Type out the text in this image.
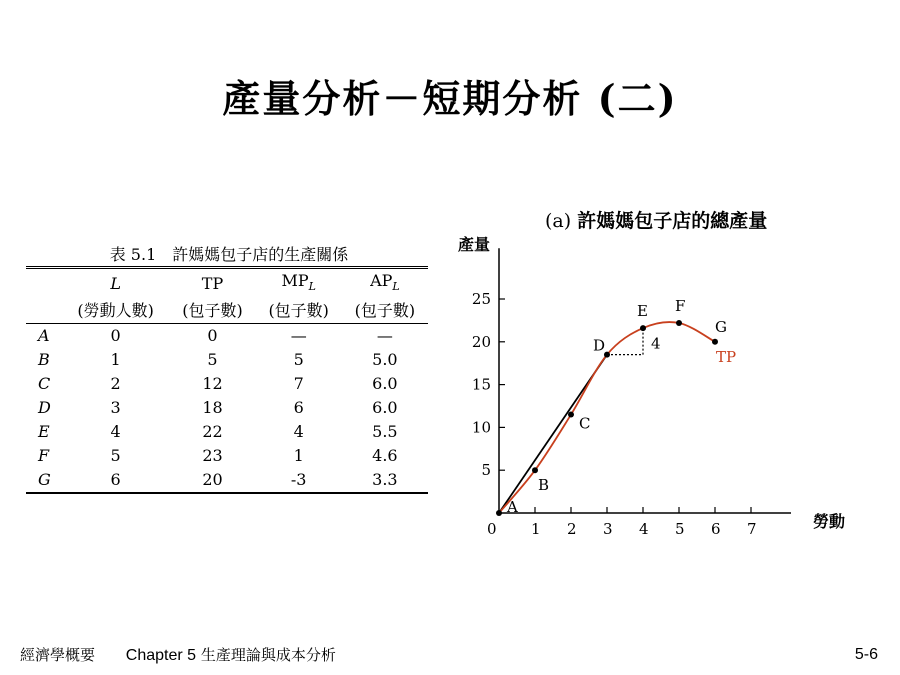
產量分析－短期分析 (二)
表 5.1　許媽媽包子店的生產關係
	L	TP	$MP_L$	$AP_L$
	(勞動人數)	(包子數)	(包子數)	(包子數)
A	0	0	—	—
B	1	5	5	5.0
C	2	12	7	6.0
D	3	18	6	6.0
E	4	22	4	5.5
F	5	23	1	4.6
G	6	20	-3	3.3
(a) 許媽媽包子店的總產量
0 1 2 3 4 5 6 7
5
10
15
20
25
產量
勞動
4
A
B
C
D
E F
G
TP
經濟學概要 Chapter 5 生產理論與成本分析	5-6
